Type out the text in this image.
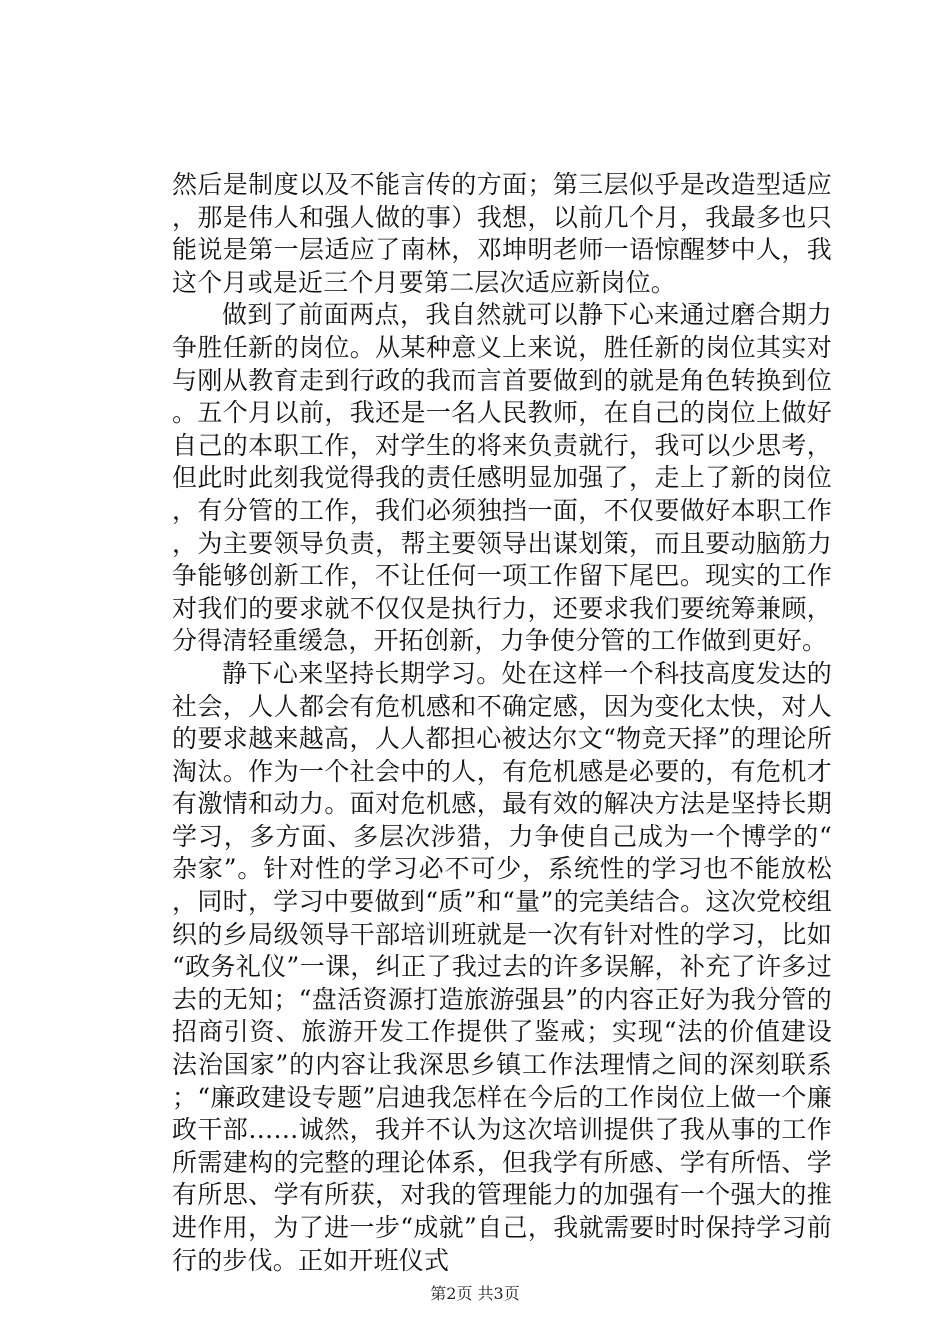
然后是制度以及不能言传的方面；第三层似乎是改造型适应，那是伟人和强人做的事）我想，以前几个月，我最多也只能说是第一层适应了南林，邓坤明老师一语惊醒梦中人，我这个月或是近三个月要第二层次适应新岗位。

做到了前面两点，我自然就可以静下心来通过磨合期力争胜任新的岗位。从某种意义上来说，胜任新的岗位其实对与刚从教育走到行政的我而言首要做到的就是角色转换到位。五个月以前，我还是一名人民教师，在自己的岗位上做好自己的本职工作，对学生的将来负责就行，我可以少思考，但此时此刻我觉得我的责任感明显加强了，走上了新的岗位，有分管的工作，我们必须独挡一面，不仅要做好本职工作，为主要领导负责，帮主要领导出谋划策，而且要动脑筋力争能够创新工作，不让任何一项工作留下尾巴。现实的工作对我们的要求就不仅仅是执行力，还要求我们要统筹兼顾，分得清轻重缓急，开拓创新，力争使分管的工作做到更好。

静下心来坚持长期学习。处在这样一个科技高度发达的社会，人人都会有危机感和不确定感，因为变化太快，对人的要求越来越高，人人都担心被达尔文“物竞天择”的理论所淘汰。作为一个社会中的人，有危机感是必要的，有危机才有激情和动力。面对危机感，最有效的解决方法是坚持长期学习，多方面、多层次涉猎，力争使自己成为一个博学的“杂家”。针对性的学习必不可少，系统性的学习也不能放松，同时，学习中要做到“质”和“量”的完美结合。这次党校组织的乡局级领导干部培训班就是一次有针对性的学习，比如“政务礼仪”一课，纠正了我过去的许多误解，补充了许多过去的无知；“盘活资源打造旅游强县”的内容正好为我分管的招商引资、旅游开发工作提供了鉴戒；实现“法的价值建设法治国家”的内容让我深思乡镇工作法理情之间的深刻联系；“廉政建设专题”启迪我怎样在今后的工作岗位上做一个廉政干部……诚然，我并不认为这次培训提供了我从事的工作所需建构的完整的理论体系，但我学有所感、学有所悟、学有所思、学有所获，对我的管理能力的加强有一个强大的推进作用，为了进一步“成就”自己，我就需要时时保持学习前行的步伐。正如开班仪式

第2页 共3页
